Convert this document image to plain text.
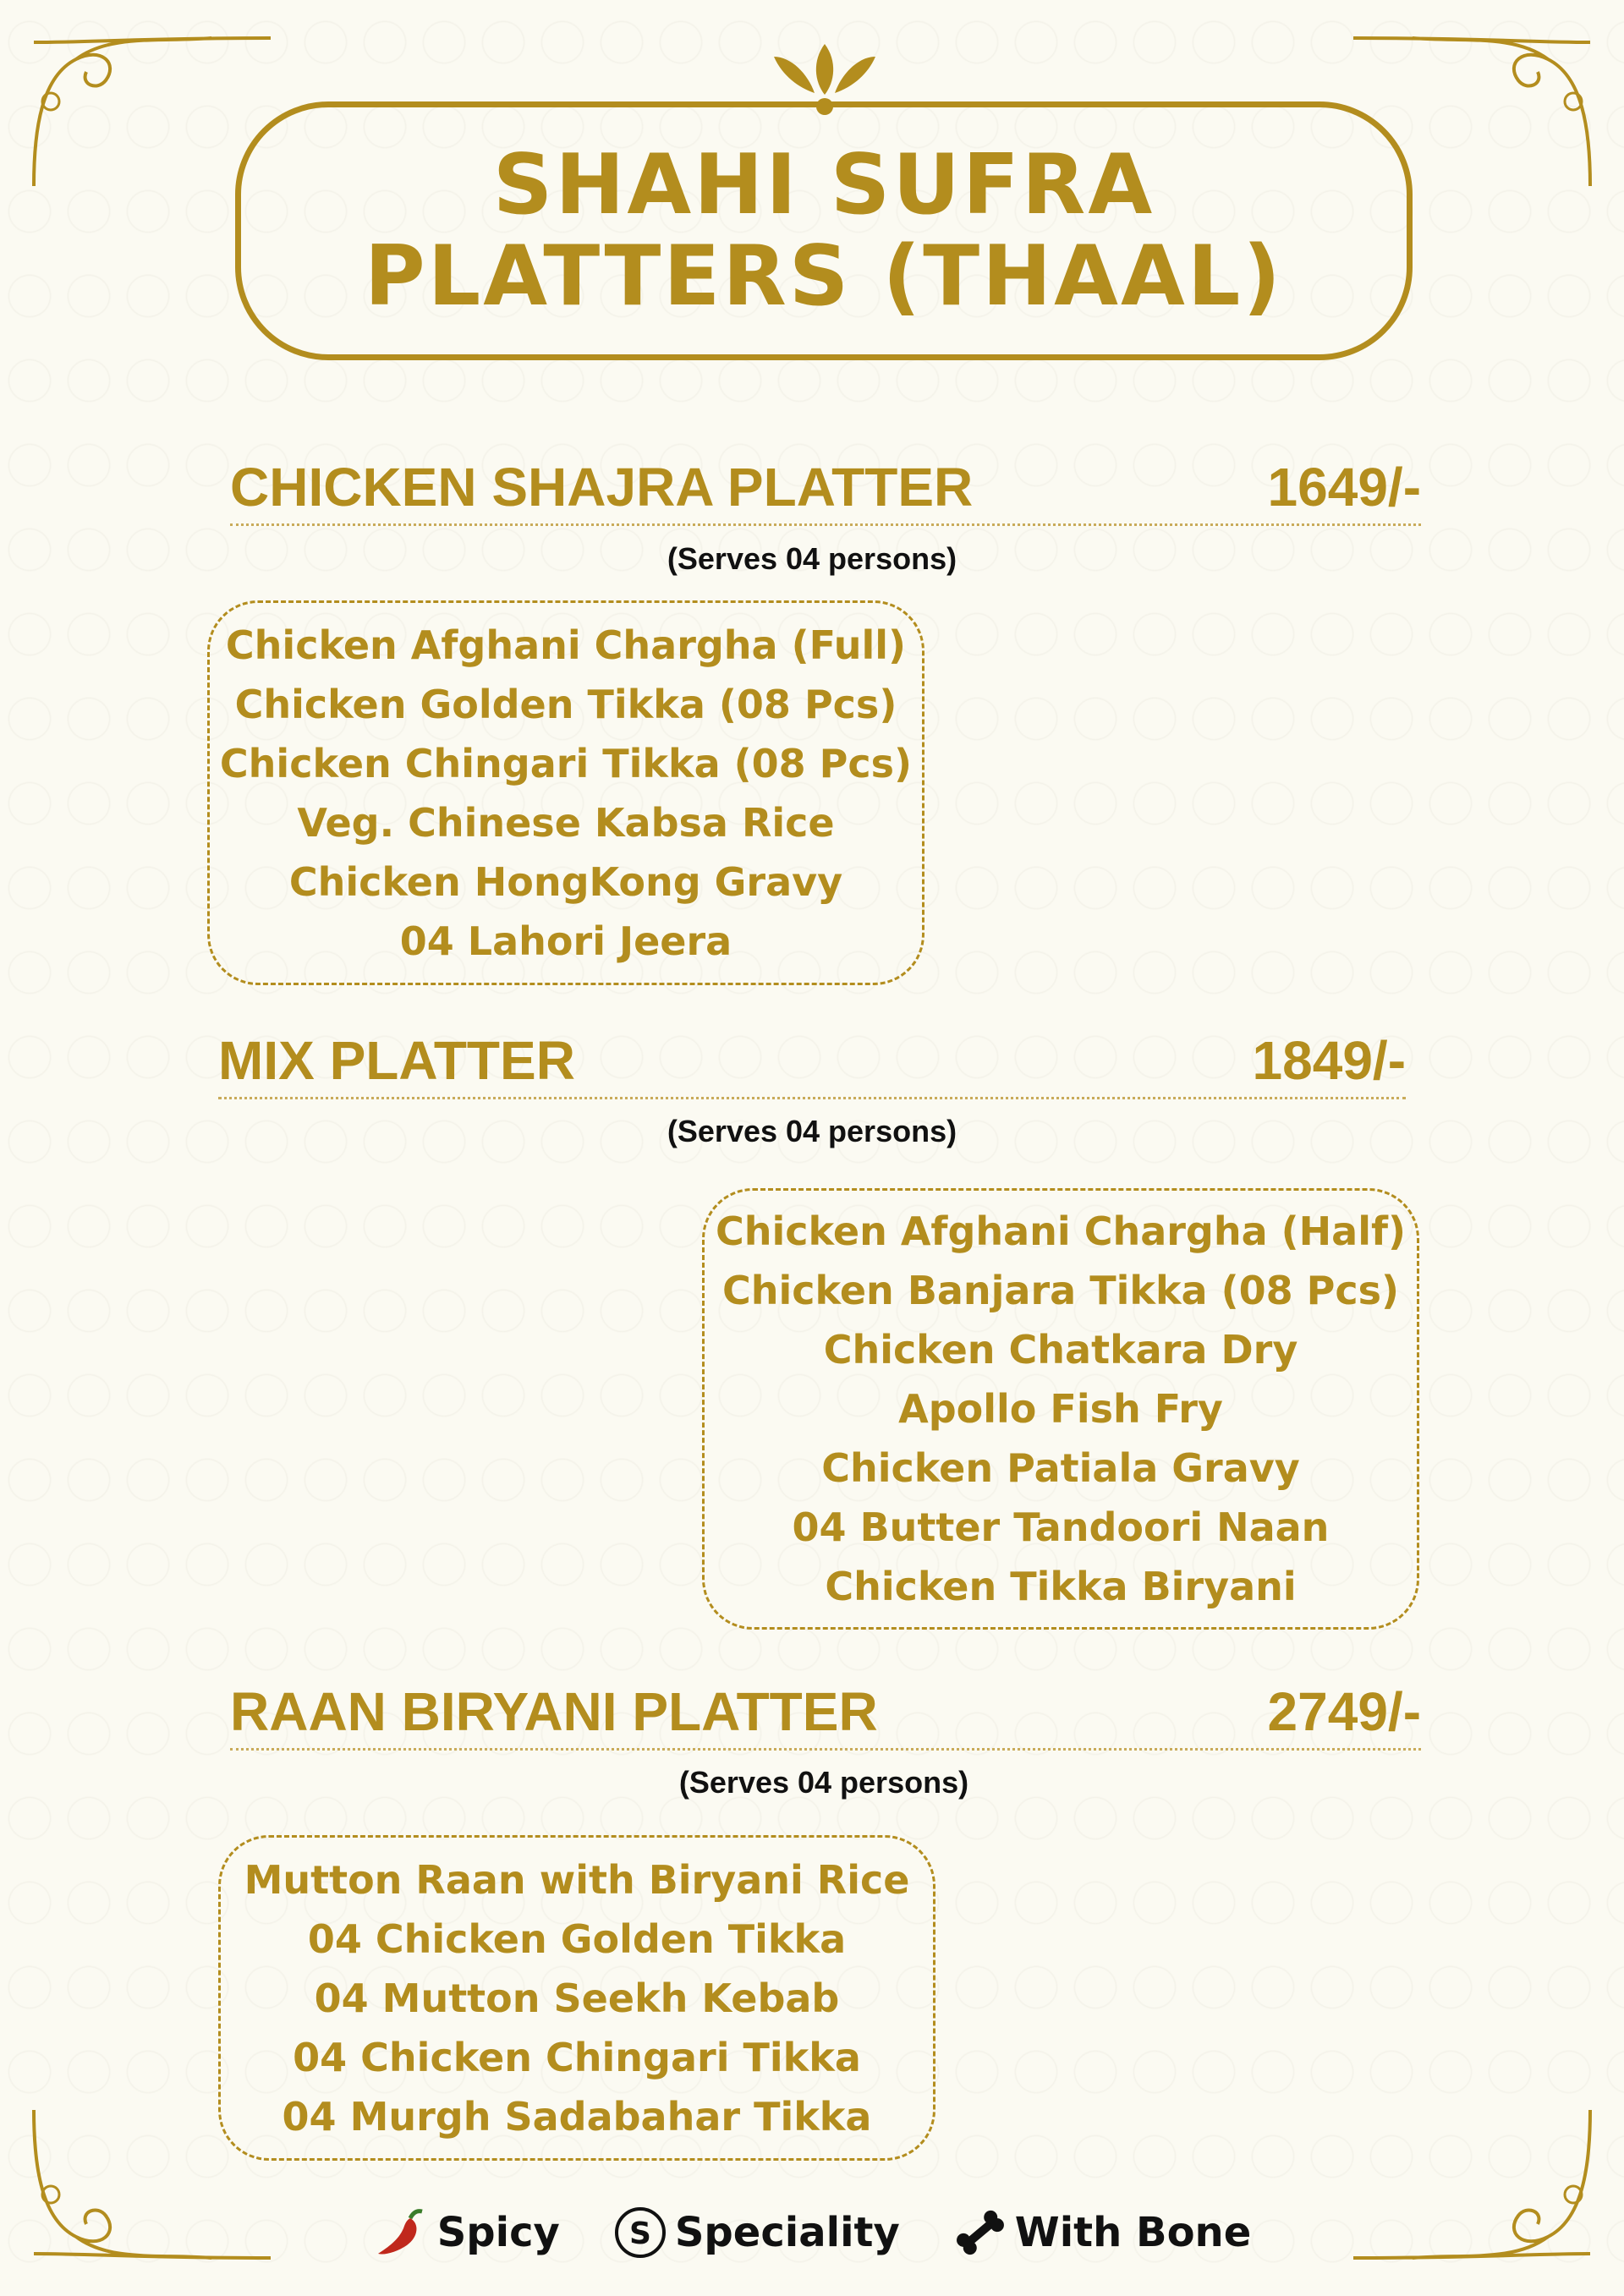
SHAHI SUFRA
PLATTERS (THAAL)
CHICKEN SHAJRA PLATTER	1649/-
(Serves 04 persons)
Chicken Afghani Chargha (Full)
Chicken Golden Tikka (08 Pcs)
Chicken Chingari Tikka (08 Pcs)
Veg. Chinese Kabsa Rice
Chicken HongKong Gravy
04 Lahori Jeera
MIX PLATTER	1849/-
(Serves 04 persons)
Chicken Afghani Chargha (Half)
Chicken Banjara Tikka (08 Pcs)
Chicken Chatkara Dry
Apollo Fish Fry
Chicken Patiala Gravy
04 Butter Tandoori Naan
Chicken Tikka Biryani
RAAN BIRYANI PLATTER	2749/-
(Serves 04 persons)
Mutton Raan with Biryani Rice
04 Chicken Golden Tikka
04 Mutton Seekh Kebab
04 Chicken Chingari Tikka
04 Murgh Sadabahar Tikka
Spicy S Speciality	With Bone
